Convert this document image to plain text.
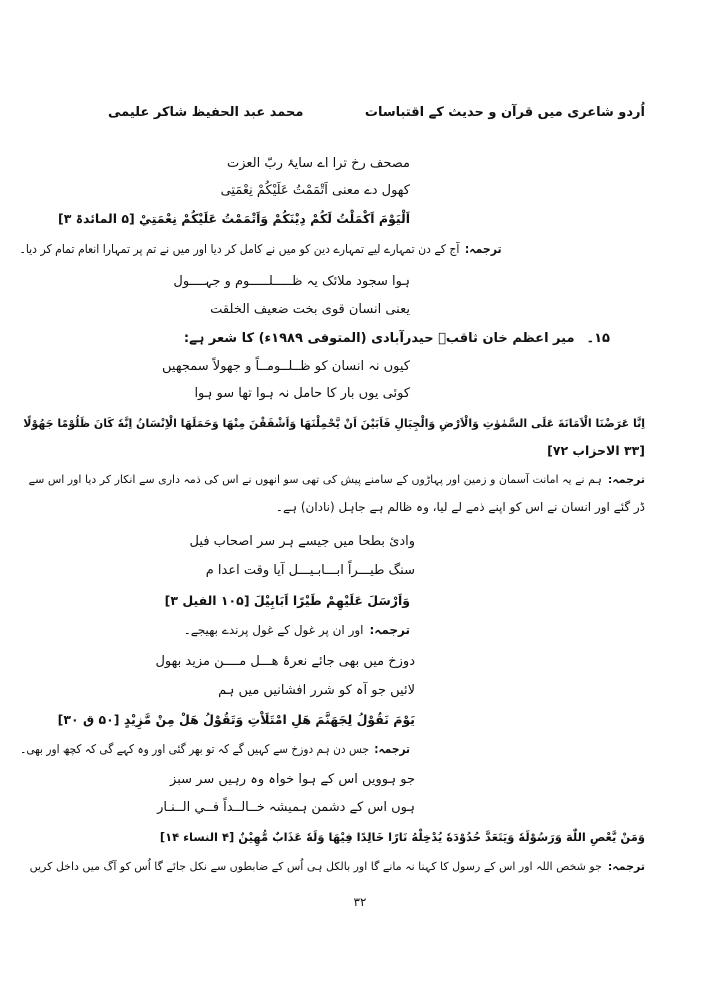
اُردو شاعری میں قرآن و حدیث کے اقتباسات
محمد عبد الحفیظ شاکر علیمی
مصحف رخ ترا اے سایۂ ربّ العزت
کھول دے معنی اَتْمَمْتُ عَلَيْكُمْ نِعْمَتِی
اَلْيَوْمَ اَكْمَلْتُ لَكُمْ دِيْنَكُمْ وَاَتْمَمْتُ عَلَيْكُمْ نِعْمَتِيْ [۵ المائدۃ ۳]
ترجمہ:آج کے دن تمہارے لیے تمہارے دین کو میں نے کامل کر دیا اور میں نے تم پر تمہارا انعام تمام کر دیا۔
ہوا سجود ملائک یہ ظـــــلـــــوم و جہــــول
یعنی انسان قوی بخت ضعیف الخلقت
۱۵۔میر اعظم خان ثاقبؔ حیدرآبادی (المتوفی ۱۹۸۹ء) کا شعر ہے:
کیوں نہ انسان کو ظــلــومــاً و جھولاً سمجھیں
کوئی یوں بار کا حامل نہ ہوا تھا سو ہوا
اِنَّا عَرَضْنَا الْاَمَانَةَ عَلَى السَّمٰوٰتِ وَالْاَرْضِ وَالْجِبَالِ فَاَبَيْنَ اَنْ يَّحْمِلْنَهَا وَاَشْفَقْنَ مِنْهَا وَحَمَلَهَا الْاِنْسَانُ اِنَّهٗ كَانَ ظَلُوْمًا جَهُوْلًا
[۳۳ الاحزاب ۷۲]
ترجمہ:ہم نے یہ امانت آسمان و زمین اور پہاڑوں کے سامنے پیش کی تھی سو انھوں نے اس کی ذمہ داری سے انکار کر دیا اور اس سے
ڈر گئے اور انسان نے اس کو اپنے ذمے لے لیا، وہ ظالم ہے جاہل (نادان) ہے۔
وادیٔ بطحا میں جیسے ہر سر اصحاب فیل
سنگ طیـــراً ابـــابـیـــل آیا وقت اعدا م
وَاَرْسَلَ عَلَيْهِمْ طَيْرًا اَبَابِيْلَ [۱۰۵ الفیل ۳]
ترجمہ:اور ان پر غول کے غول پرندے بھیجے۔
دوزخ میں بھی جائے نعرۂ ھـــل مــــن مزید بھول
لائیں جو آہ کو شرر افشانیں میں ہم
يَوْمَ نَقُوْلُ لِجَهَنَّمَ هَلِ امْتَلَاْتِ وَتَقُوْلُ هَلْ مِنْ مَّزِيْدٍ [۵۰ ق ۳۰]
ترجمہ:جس دن ہم دوزخ سے کہیں گے کہ تو بھر گئی اور وہ کہے گی کہ کچھ اور بھی۔
جو ہوویں اس کے ہوا خواہ وہ رہیں سر سبز
ہوں اس کے دشمن ہمیشہ خــالــداً فــي الــنـار
وَمَنْ يَّعْصِ اللّٰهَ وَرَسُوْلَهٗ وَيَتَعَدَّ حُدُوْدَهٗ يُدْخِلْهُ نَارًا خَالِدًا فِيْهَا وَلَهٗ عَذَابٌ مُّهِيْنٌ [۴ النساء ۱۴]
ترجمہ:جو شخص اللہ اور اس کے رسول کا کہنا نہ مانے گا اور بالکل ہی اُس کے ضابطوں سے نکل جائے گا اُس کو آگ میں داخل کریں
۳۲
